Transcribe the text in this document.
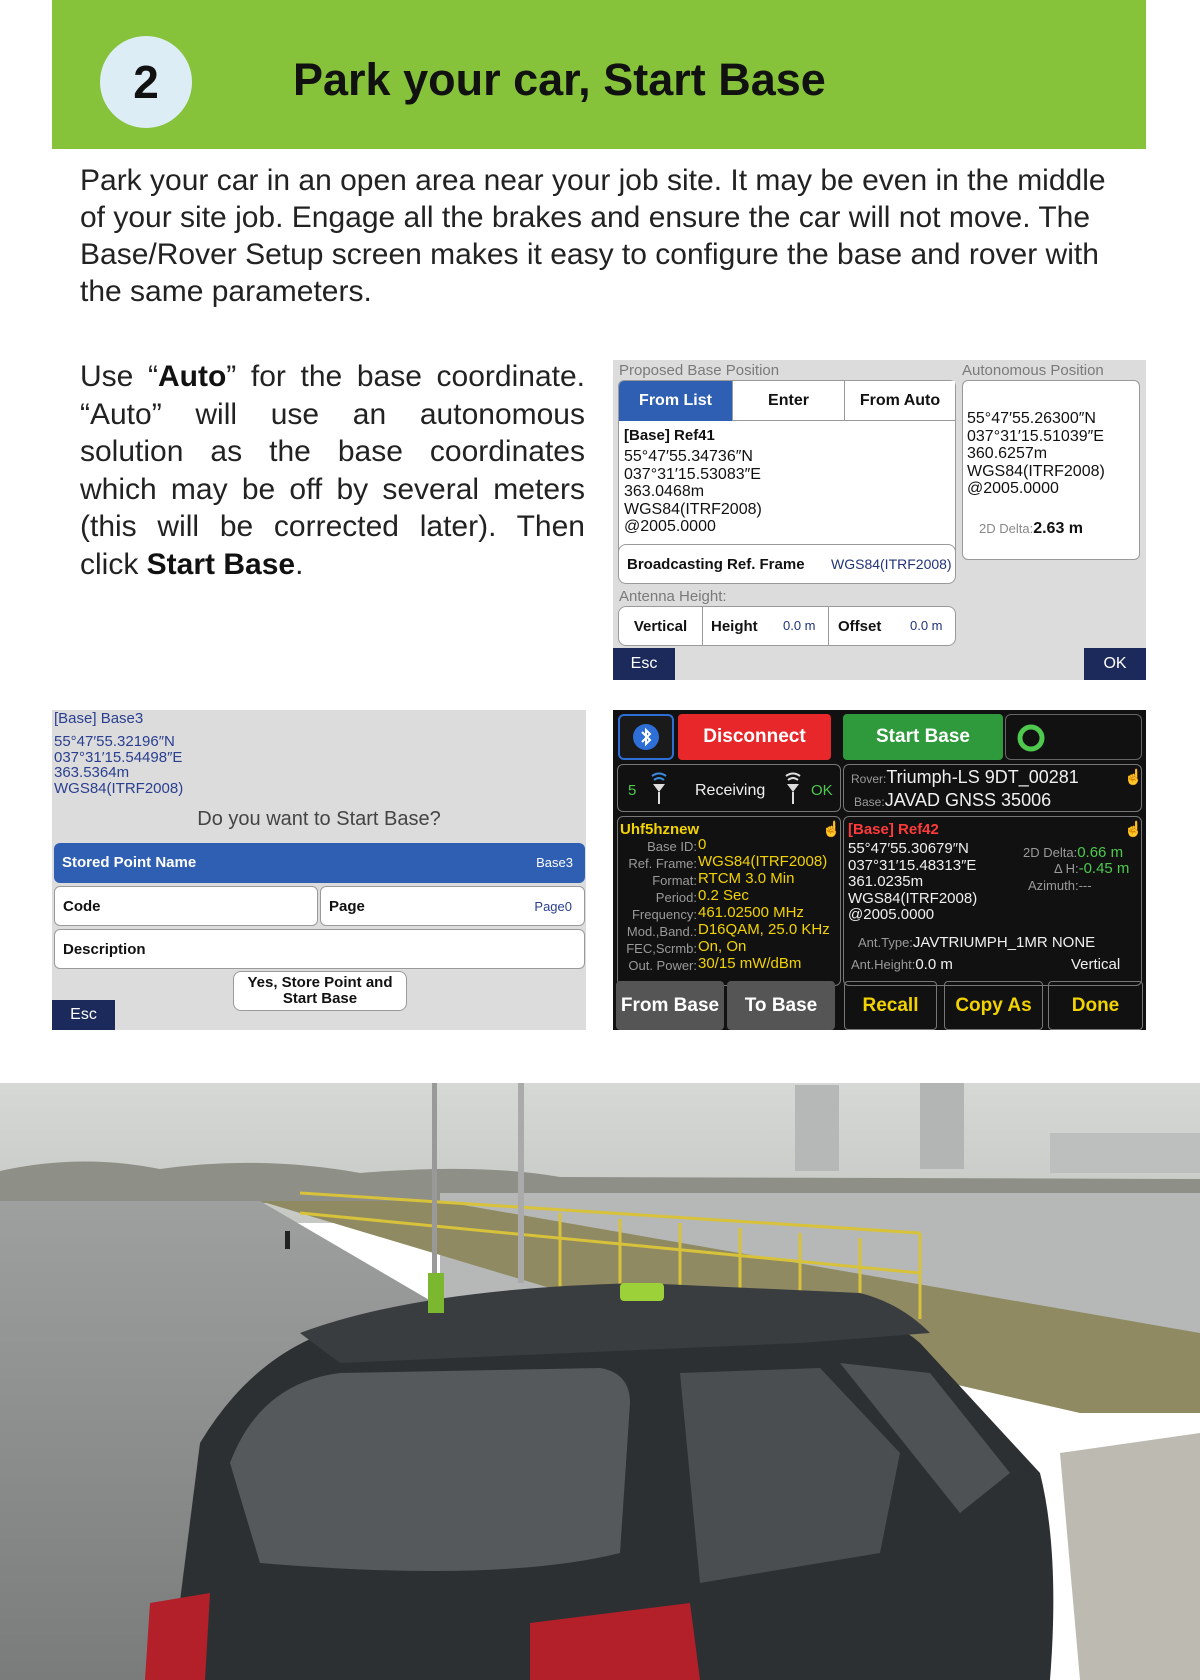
2	Park your car, Start Base
Park your car in an open area near your job site. It may be even in the middle of your site job. Engage all the brakes and ensure the car will not move. The Base/Rover Setup screen makes it easy to configure the base and rover with the same parameters.
Use “Auto” for the base coordinate. “Auto” will use an autonomous solution as the base coordinates which may be off by several meters (this will be corrected later). Then click Start Base.
Proposed Base Position	Autonomous Position
From List	Enter	From Auto
[Base] Ref41
55°47′55.34736″N
037°31′15.53083″E
363.0468m
WGS84(ITRF2008)
@2005.0000
55°47′55.26300″N
037°31′15.51039″E
360.6257m
WGS84(ITRF2008)
@2005.0000
2D Delta:2.63 m
Broadcasting Ref. Frame WGS84(ITRF2008)
Antenna Height:
Vertical	Height 0.0 m Offset 0.0 m
Esc	OK
[Base] Base3
55°47′55.32196″N
037°31′15.54498″E
363.5364m
WGS84(ITRF2008)
Do you want to Start Base?
Stored Point Name	Base3
Code	Page	Page0
Description
Yes, Store Point and Start Base
Esc
Disconnect	Start Base
5	Receiving	OK
Rover:Triumph-LS 9DT_00281
Base:JAVAD GNSS 35006
☝
Uhf5hznew	☝
Base ID: 0
Ref. Frame: WGS84(ITRF2008)
Format: RTCM 3.0 Min
Period: 0.2 Sec
Frequency: 461.02500 MHz
Mod.,Band.: D16QAM, 25.0 KHz
FEC,Scrmb: On, On
Out. Power: 30/15 mW/dBm
[Base] Ref42	☝
55°47′55.30679″N
037°31′15.48313″E
361.0235m
WGS84(ITRF2008)
@2005.0000
2D Delta:0.66 m
Δ H:-0.45 m
Azimuth:---
Ant.Type:JAVTRIUMPH_1MR NONE
Ant.Height:0.0 m	Vertical
From Base	To Base	Recall	Copy As	Done
